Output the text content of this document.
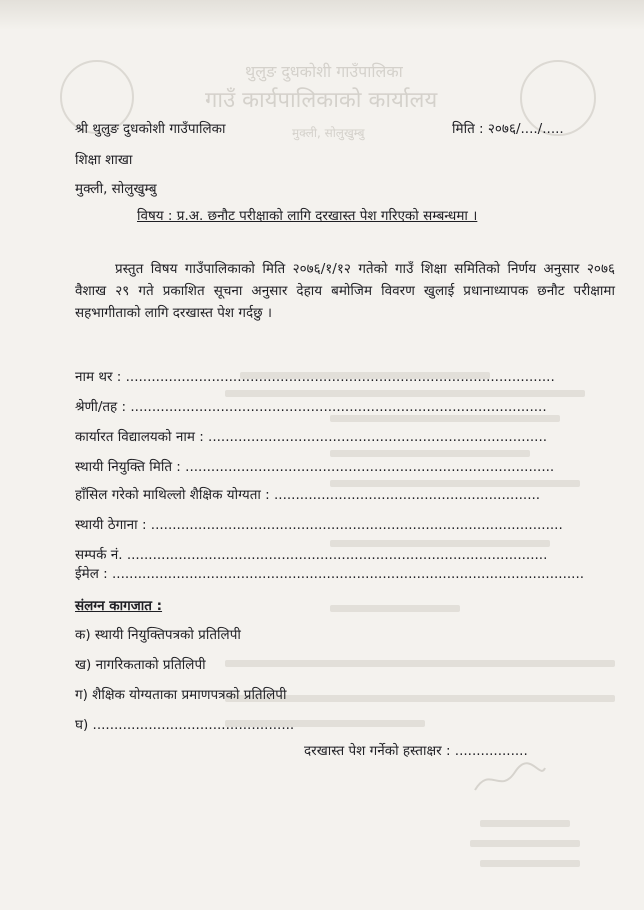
थुलुङ दुधकोशी गाउँपालिका
गाउँ कार्यपालिकाको कार्यालय
मुक्ली, सोलुखुम्बु
श्री थुलुङ दुधकोशी गाउँपालिका	मिति : २०७६/..../.....
शिक्षा शाखा
मुक्ली, सोलुखुम्बु
विषय : प्र.अ. छनौट परीक्षाको लागि दरखास्त पेश गरिएको सम्बन्धमा ।
प्रस्तुत विषय गाउँपालिकाको मिति २०७६/१/१२ गतेको गाउँ शिक्षा समितिको निर्णय अनुसार २०७६ वैशाख २९ गते प्रकाशित सूचना अनुसार देहाय बमोजिम विवरण खुलाई प्रधानाध्यापक छनौट परीक्षामा सहभागीताको लागि दरखास्त पेश गर्दछु ।
नाम थर : ....................................................................................................
श्रेणी/तह : .................................................................................................
कार्यारत विद्यालयको नाम : ...............................................................................
स्थायी नियुक्ति मिति : ......................................................................................
हाँसिल गरेको माथिल्लो शैक्षिक योग्यता : ..............................................................
स्थायी ठेगाना : ................................................................................................
सम्पर्क नं. ..................................................................................................
ईमेल : ..............................................................................................................
संलग्न कागजात :
क) स्थायी नियुक्तिपत्रको प्रतिलिपी
ख) नागरिकताको प्रतिलिपी
ग) शैक्षिक योग्यताका प्रमाणपत्रको प्रतिलिपी
घ) ...............................................
दरखास्त पेश गर्नेको हस्ताक्षर : .................
